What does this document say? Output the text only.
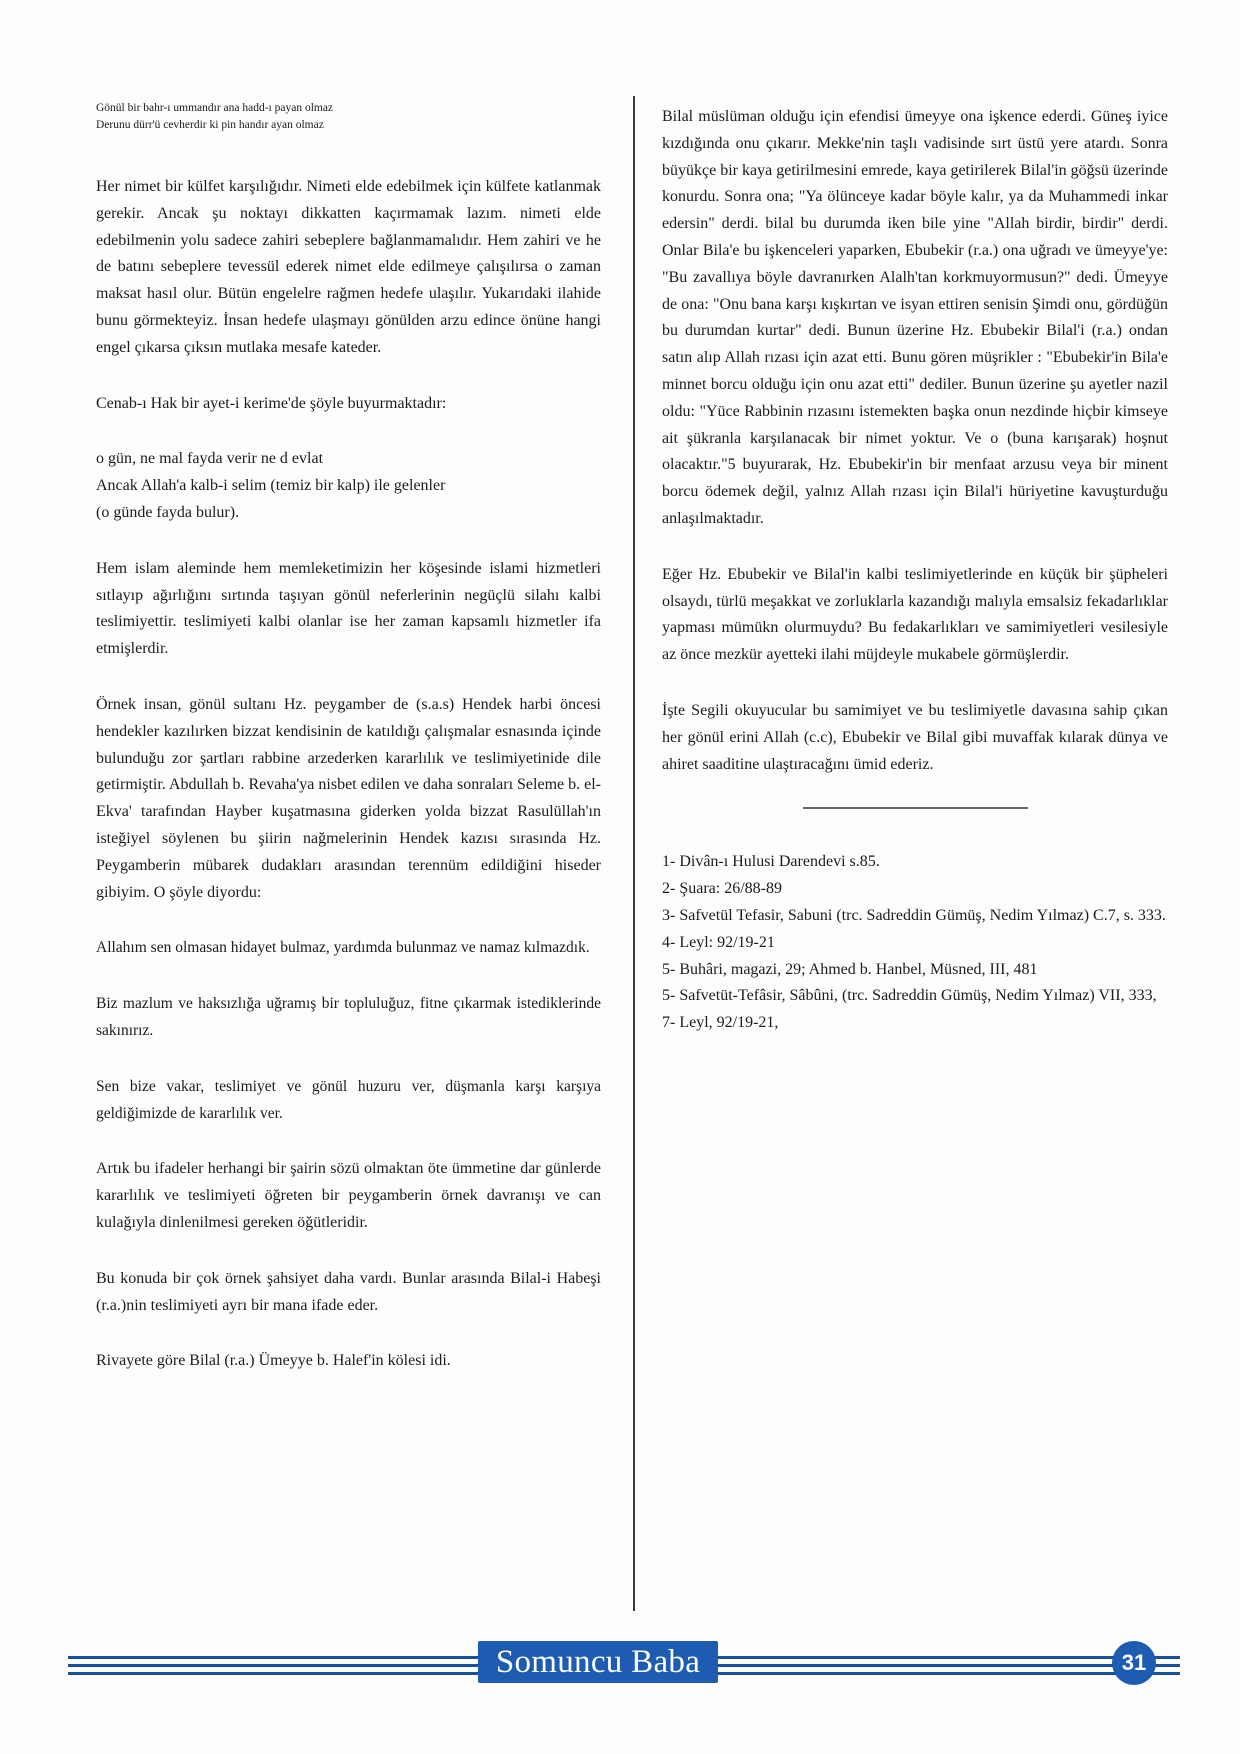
Gönül bir bahr-ı ummandır ana hadd-ı payan olmaz
Derunu dürr'ü cevherdir ki pin handır ayan olmaz

Her nimet bir külfet karşılığıdır. Nimeti elde edebilmek için külfete katlanmak gerekir. Ancak şu noktayı dikkatten kaçırmamak lazım. nimeti elde edebilmenin yolu sadece zahiri sebeplere bağlanmamalıdır. Hem zahiri ve he de batını sebeplere tevessül ederek nimet elde edilmeye çalışılırsa o zaman maksat hasıl olur. Bütün engelelre rağmen hedefe ulaşılır. Yukarıdaki ilahide bunu görmekteyiz. İnsan hedefe ulaşmayı gönülden arzu edince önüne hangi engel çıkarsa çıksın mutlaka mesafe kateder.

Cenab-ı Hak bir ayet-i kerime'de şöyle buyurmaktadır:

o gün, ne mal fayda verir ne d evlat
Ancak Allah'a kalb-i selim (temiz bir kalp) ile gelenler
(o günde fayda bulur).

Hem islam aleminde hem memleketimizin her köşesinde islami hizmetleri sıtlayıp ağırlığını sırtında taşıyan gönül neferlerinin negüçlü silahı kalbi teslimiyettir. teslimiyeti kalbi olanlar ise her zaman kapsamlı hizmetler ifa etmişlerdir.

Örnek insan, gönül sultanı Hz. peygamber de (s.a.s) Hendek harbi öncesi hendekler kazılırken bizzat kendisinin de katıldığı çalışmalar esnasında içinde bulunduğu zor şartları rabbine arzederken kararlılık ve teslimiyetinide dile getirmiştir. Abdullah b. Revaha'ya nisbet edilen ve daha sonraları Seleme b. el-Ekva' tarafından Hayber kuşatmasına giderken yolda bizzat Rasulüllah'ın isteğiyel söylenen bu şiirin nağmelerinin Hendek kazısı sırasında Hz. Peygamberin mübarek dudakları arasından terennüm edildiğini hiseder gibiyim. O şöyle diyordu:

Allahım sen olmasan hidayet bulmaz, yardımda bulunmaz ve namaz kılmazdık.

Biz mazlum ve haksızlığa uğramış bir topluluğuz, fitne çıkarmak istediklerinde sakınırız.

Sen bize vakar, teslimiyet ve gönül huzuru ver, düşmanla karşı karşıya geldiğimizde de kararlılık ver.

Artık bu ifadeler herhangi bir şairin sözü olmaktan öte ümmetine dar günlerde kararlılık ve teslimiyeti öğreten bir peygamberin örnek davranışı ve can kulağıyla dinlenilmesi gereken öğütleridir.

Bu konuda bir çok örnek şahsiyet daha vardı. Bunlar arasında Bilal-i Habeşi (r.a.)nin teslimiyeti ayrı bir mana ifade eder.

Rivayete göre Bilal (r.a.) Ümeyye b. Halef'in kölesi idi.

Bilal müslüman olduğu için efendisi ümeyye ona işkence ederdi. Güneş iyice kızdığında onu çıkarır. Mekke'nin taşlı vadisinde sırt üstü yere atardı. Sonra büyükçe bir kaya getirilmesini emrede, kaya getirilerek Bilal'in göğsü üzerinde konurdu. Sonra ona; "Ya ölünceye kadar böyle kalır, ya da Muhammedi inkar edersin" derdi. bilal bu durumda iken bile yine "Allah birdir, birdir" derdi. Onlar Bila'e bu işkenceleri yaparken, Ebubekir (r.a.) ona uğradı ve ümeyye'ye: "Bu zavallıya böyle davranırken Alalh'tan korkmuyormusun?" dedi. Ümeyye de ona: "Onu bana karşı kışkırtan ve isyan ettiren senisin Şimdi onu, gördüğün bu durumdan kurtar" dedi. Bunun üzerine Hz. Ebubekir Bilal'i (r.a.) ondan satın alıp Allah rızası için azat etti. Bunu gören müşrikler : "Ebubekir'in Bila'e minnet borcu olduğu için onu azat etti" dediler. Bunun üzerine şu ayetler nazil oldu: "Yüce Rabbinin rızasını istemekten başka onun nezdinde hiçbir kimseye ait şükranla karşılanacak bir nimet yoktur. Ve o (buna karışarak) hoşnut olacaktır."5 buyurarak, Hz. Ebubekir'in bir menfaat arzusu veya bir minent borcu ödemek değil, yalnız Allah rızası için Bilal'i hüriyetine kavuşturduğu anlaşılmaktadır.

Eğer Hz. Ebubekir ve Bilal'in kalbi teslimiyetlerinde en küçük bir şüpheleri olsaydı, türlü meşakkat ve zorluklarla kazandığı malıyla emsalsiz fekadarlıklar yapması mümükn olurmuydu? Bu fedakarlıkları ve samimiyetleri vesilesiyle az önce mezkür ayetteki ilahi müjdeyle mukabele görmüşlerdir.

İşte Segili okuyucular bu samimiyet ve bu teslimiyetle davasına sahip çıkan her gönül erini Allah (c.c), Ebubekir ve Bilal gibi muvaffak kılarak dünya ve ahiret saaditine ulaştıracağını ümid ederiz.

1- Divân-ı Hulusi Darendevi s.85.
2- Şuara: 26/88-89
3- Safvetül Tefasir, Sabuni (trc. Sadreddin Gümüş, Nedim Yılmaz) C.7, s. 333.
4- Leyl: 92/19-21
5- Buhâri, magazi, 29; Ahmed b. Hanbel, Müsned, III, 481
5- Safvetüt-Tefâsir, Sâbûni, (trc. Sadreddin Gümüş, Nedim Yılmaz) VII, 333,
7- Leyl, 92/19-21,
Somuncu Baba	31
